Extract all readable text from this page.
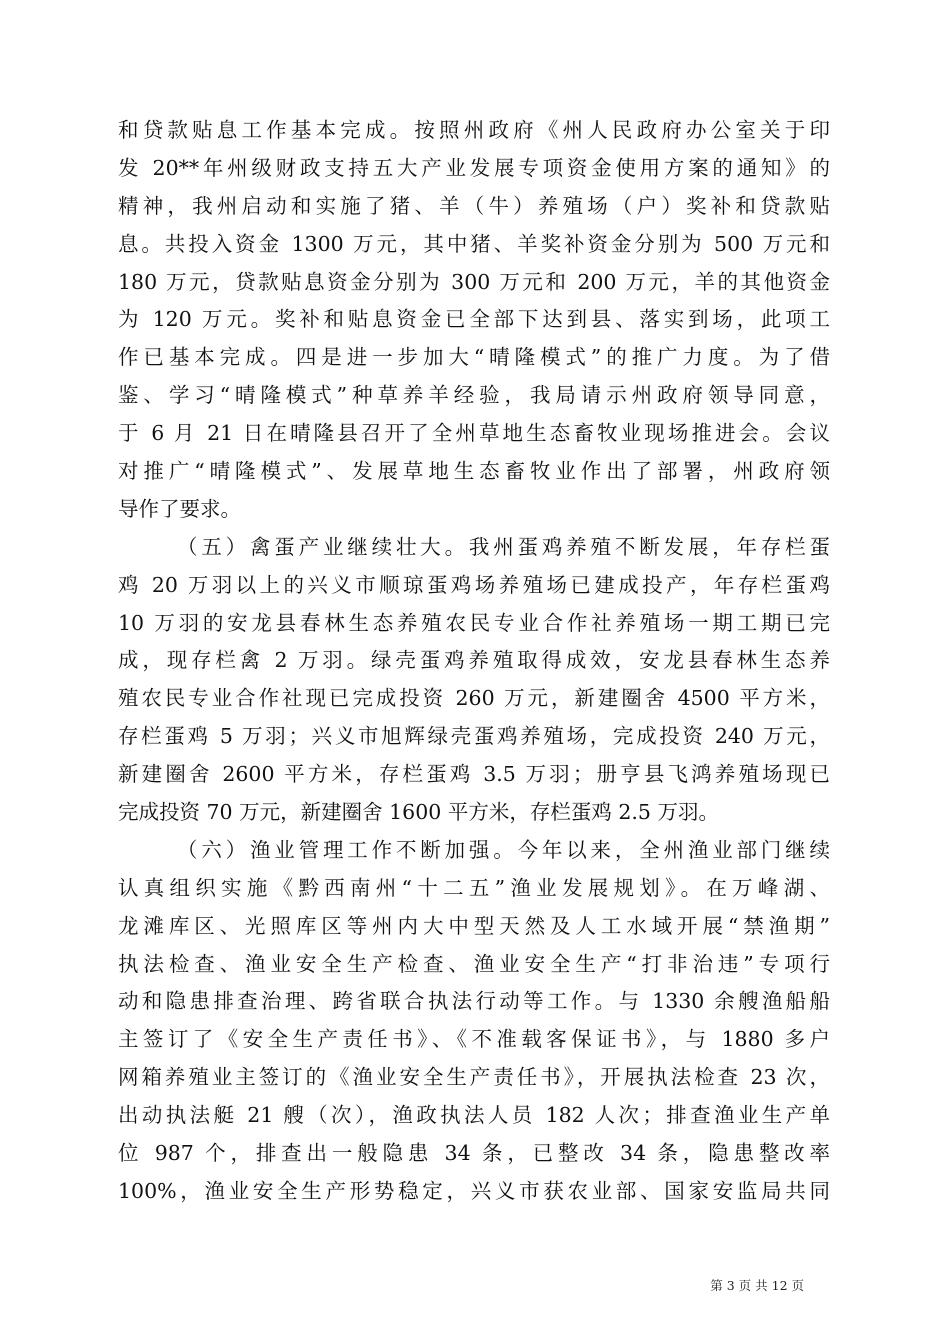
和贷款贴息工作基本完成。按照州政府《州人民政府办公室关于印
发 20**年州级财政支持五大产业发展专项资金使用方案的通知》的
精神，我州启动和实施了猪、羊（牛）养殖场（户）奖补和贷款贴
息。共投入资金 1300 万元，其中猪、羊奖补资金分别为 500 万元和
180 万元，贷款贴息资金分别为 300 万元和 200 万元，羊的其他资金
为 120 万元。奖补和贴息资金已全部下达到县、落实到场，此项工
作已基本完成。四是进一步加大“晴隆模式”的推广力度。为了借
鉴、学习“晴隆模式”种草养羊经验，我局请示州政府领导同意，
于 6 月 21 日在晴隆县召开了全州草地生态畜牧业现场推进会。会议
对推广“晴隆模式”、发展草地生态畜牧业作出了部署，州政府领
导作了要求。
（五）禽蛋产业继续壮大。我州蛋鸡养殖不断发展，年存栏蛋
鸡 20 万羽以上的兴义市顺琼蛋鸡场养殖场已建成投产，年存栏蛋鸡
10 万羽的安龙县春林生态养殖农民专业合作社养殖场一期工期已完
成，现存栏禽 2 万羽。绿壳蛋鸡养殖取得成效，安龙县春林生态养
殖农民专业合作社现已完成投资 260 万元，新建圈舍 4500 平方米，
存栏蛋鸡 5 万羽；兴义市旭辉绿壳蛋鸡养殖场，完成投资 240 万元，
新建圈舍 2600 平方米，存栏蛋鸡 3.5 万羽；册亨县飞鸿养殖场现已
完成投资 70 万元，新建圈舍 1600 平方米，存栏蛋鸡 2.5 万羽。
（六）渔业管理工作不断加强。今年以来，全州渔业部门继续
认真组织实施《黔西南州“十二五”渔业发展规划》。在万峰湖、
龙滩库区、光照库区等州内大中型天然及人工水域开展“禁渔期”
执法检查、渔业安全生产检查、渔业安全生产“打非治违”专项行
动和隐患排查治理、跨省联合执法行动等工作。与 1330 余艘渔船船
主签订了《安全生产责任书》、《不准载客保证书》，与 1880 多户
网箱养殖业主签订的《渔业安全生产责任书》，开展执法检查 23 次，
出动执法艇 21 艘（次），渔政执法人员 182 人次；排查渔业生产单
位 987 个，排查出一般隐患 34 条，已整改 34 条，隐患整改率
100%，渔业安全生产形势稳定，兴义市获农业部、国家安监局共同
第 3 页 共 12 页
